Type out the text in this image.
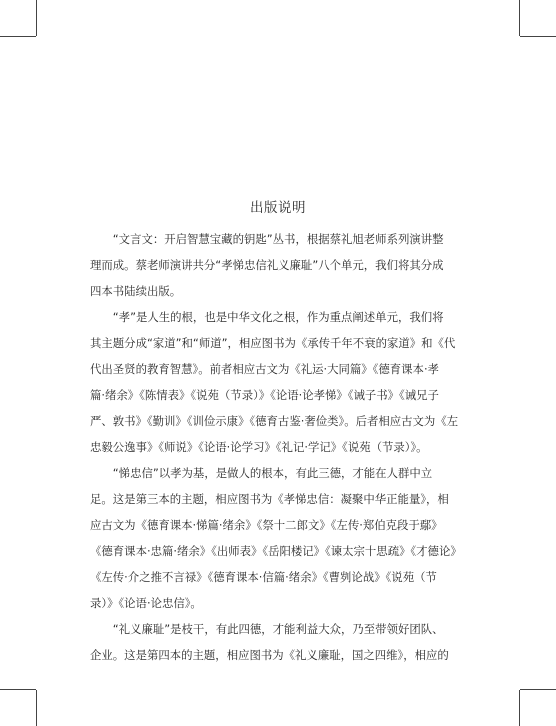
出版说明
　　“文言文：开启智慧宝藏的钥匙”丛书，根据蔡礼旭老师系列演讲整
理而成。蔡老师演讲共分“孝悌忠信礼义廉耻”八个单元，我们将其分成
四本书陆续出版。
　　“孝”是人生的根，也是中华文化之根，作为重点阐述单元，我们将
其主题分成“家道”和“师道”，相应图书为《承传千年不衰的家道》和《代
代出圣贤的教育智慧》。前者相应古文为《礼运·大同篇》《德育课本·孝
篇·绪余》《陈情表》《说苑（节录）》《论语·论孝悌》《诫子书》《诫兄子
严、敦书》《勤训》《训俭示康》《德育古鉴·奢俭类》。后者相应古文为《左
忠毅公逸事》《师说》《论语·论学习》《礼记·学记》《说苑（节录）》。
　　“悌忠信”以孝为基，是做人的根本，有此三德，才能在人群中立
足。这是第三本的主题，相应图书为《孝悌忠信：凝聚中华正能量》，相
应古文为《德育课本·悌篇·绪余》《祭十二郎文》《左传·郑伯克段于鄢》
《德育课本·忠篇·绪余》《出师表》《岳阳楼记》《谏太宗十思疏》《才德论》
《左传·介之推不言禄》《德育课本·信篇·绪余》《曹刿论战》《说苑（节
录）》《论语·论忠信》。
　　“礼义廉耻”是枝干，有此四德，才能利益大众，乃至带领好团队、
企业。这是第四本的主题，相应图书为《礼义廉耻，国之四维》，相应的
